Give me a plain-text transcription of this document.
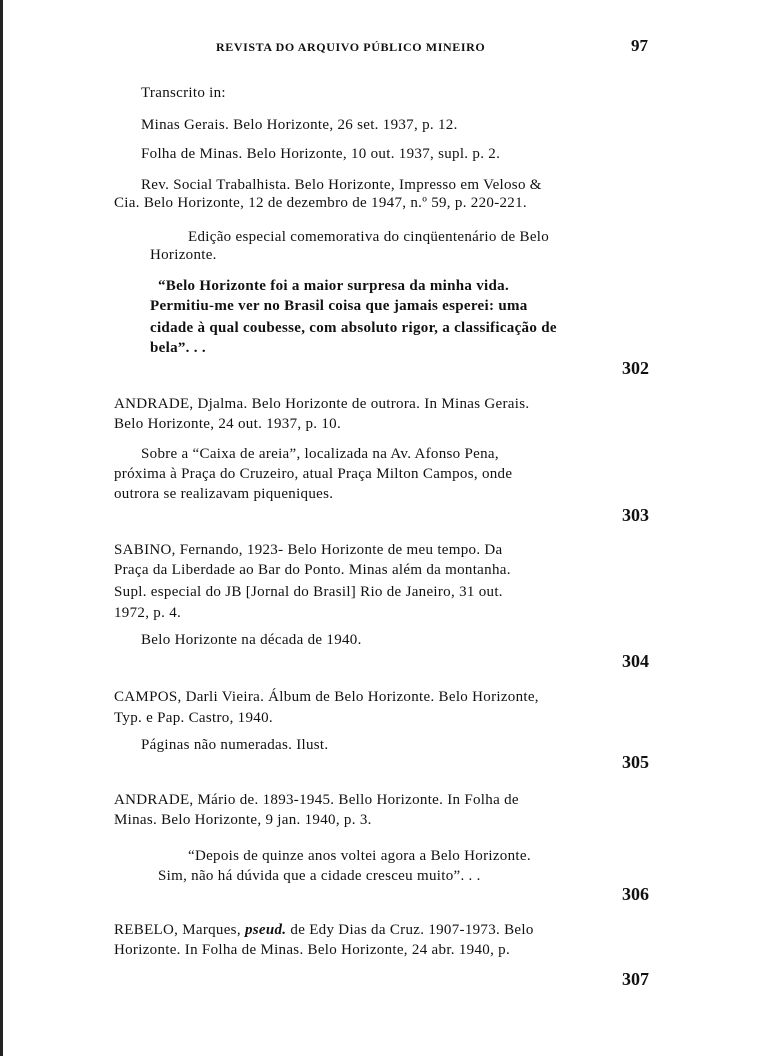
REVISTA DO ARQUIVO PÚBLICO MINEIRO	97
Transcrito in:
Minas Gerais. Belo Horizonte, 26 set. 1937, p. 12.
Folha de Minas. Belo Horizonte, 10 out. 1937, supl. p. 2.
Rev. Social Trabalhista. Belo Horizonte, Impresso em Veloso &
Cia. Belo Horizonte, 12 de dezembro de 1947, n.º 59, p. 220-221.
Edição especial comemorativa do cinqüentenário de Belo
Horizonte.
“Belo Horizonte foi a maior surpresa da minha vida.
Permitiu-me ver no Brasil coisa que jamais esperei: uma
cidade à qual coubesse, com absoluto rigor, a classificação de
bela”. . .
302
ANDRADE, Djalma. Belo Horizonte de outrora. In Minas Gerais.
Belo Horizonte, 24 out. 1937, p. 10.
Sobre a “Caixa de areia”, localizada na Av. Afonso Pena,
próxima à Praça do Cruzeiro, atual Praça Milton Campos, onde
outrora se realizavam piqueniques.
303
SABINO, Fernando, 1923- Belo Horizonte de meu tempo. Da
Praça da Liberdade ao Bar do Ponto. Minas além da montanha.
Supl. especial do JB [Jornal do Brasil] Rio de Janeiro, 31 out.
1972, p. 4.
Belo Horizonte na década de 1940.
304
CAMPOS, Darli Vieira. Álbum de Belo Horizonte. Belo Horizonte,
Typ. e Pap. Castro, 1940.
Páginas não numeradas. Ilust.
305
ANDRADE, Mário de. 1893-1945. Bello Horizonte. In Folha de
Minas. Belo Horizonte, 9 jan. 1940, p. 3.
“Depois de quinze anos voltei agora a Belo Horizonte.
Sim, não há dúvida que a cidade cresceu muito”. . .
306
REBELO, Marques, pseud. de Edy Dias da Cruz. 1907-1973. Belo
Horizonte. In Folha de Minas. Belo Horizonte, 24 abr. 1940, p.
307
